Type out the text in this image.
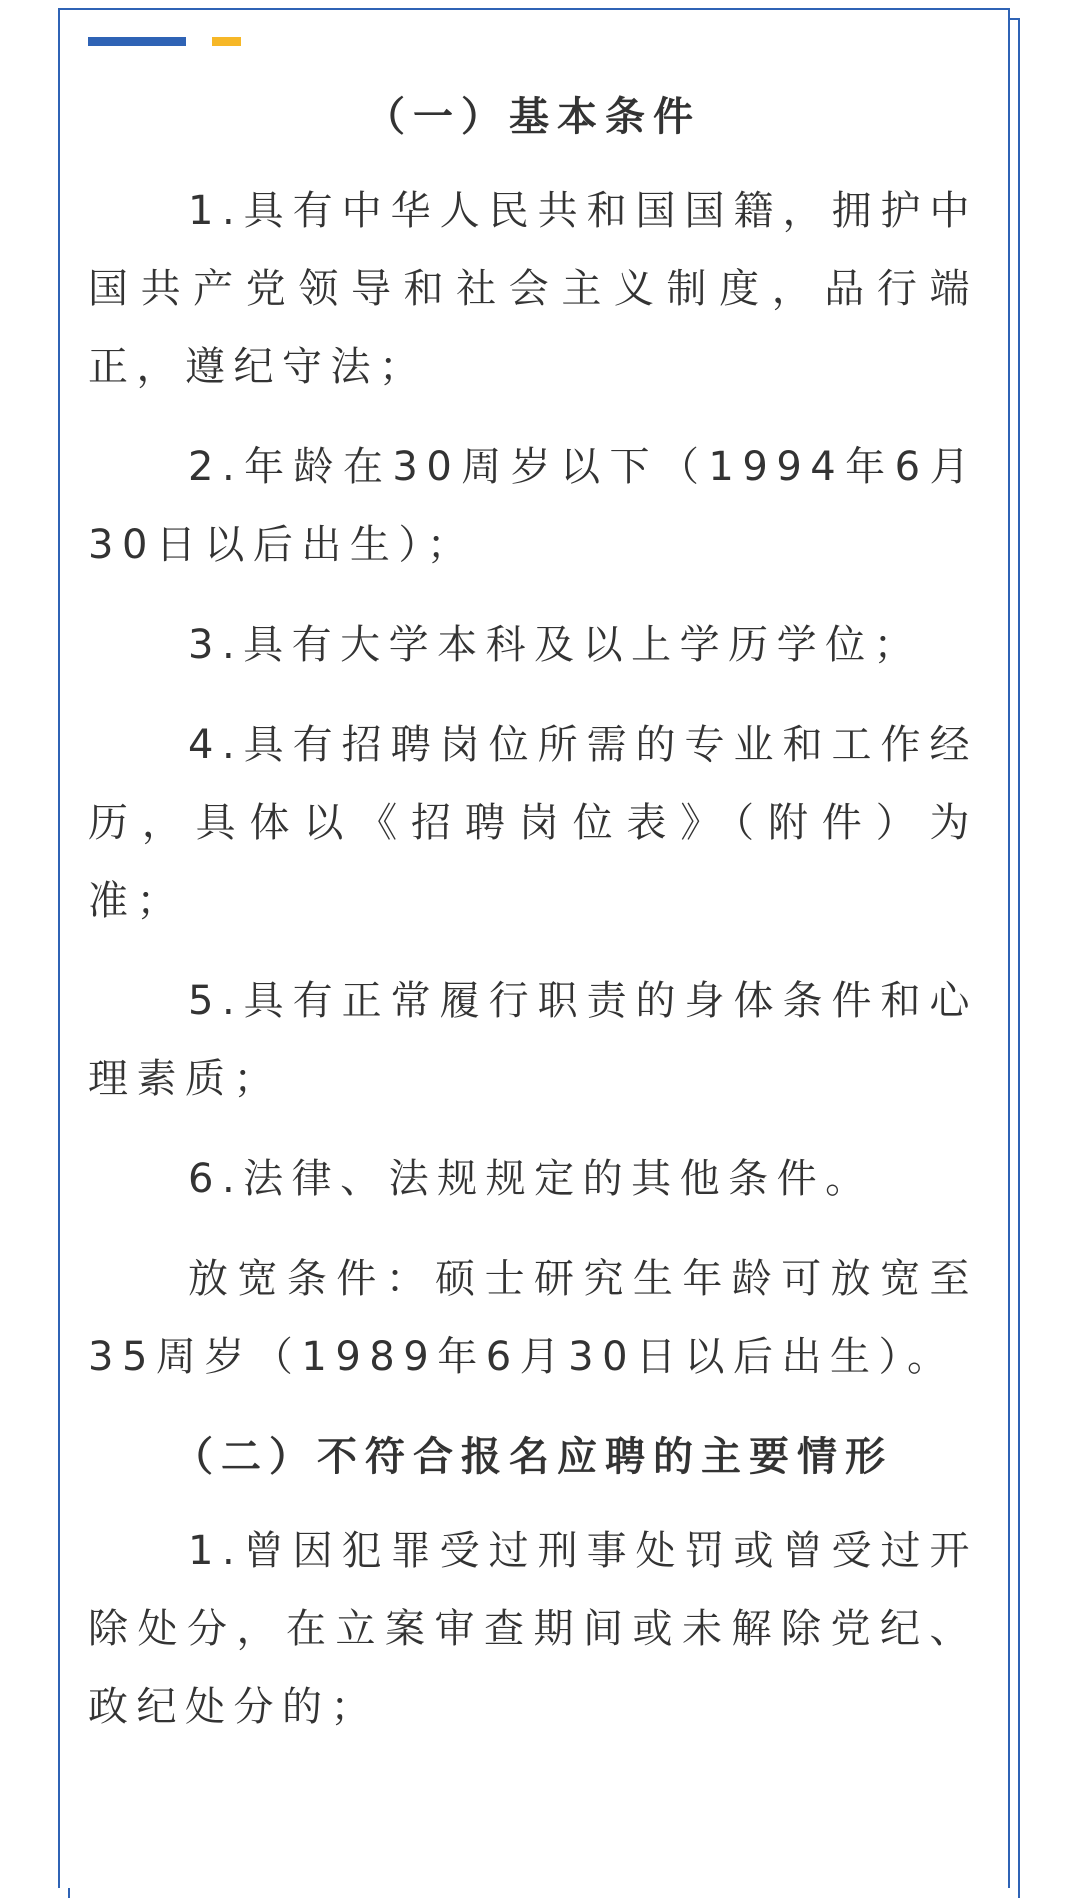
（一）基本条件

1.具有中华人民共和国国籍，拥护中国共产党领导和社会主义制度，品行端正，遵纪守法；

2.年龄在30周岁以下（1994年6月30日以后出生）；

3.具有大学本科及以上学历学位；

4.具有招聘岗位所需的专业和工作经历，具体以《招聘岗位表》（附件）为准；

5.具有正常履行职责的身体条件和心理素质；

6.法律、法规规定的其他条件。

放宽条件：硕士研究生年龄可放宽至35周岁（1989年6月30日以后出生）。

（二）不符合报名应聘的主要情形

1.曾因犯罪受过刑事处罚或曾受过开除处分，在立案审查期间或未解除党纪、政纪处分的；
